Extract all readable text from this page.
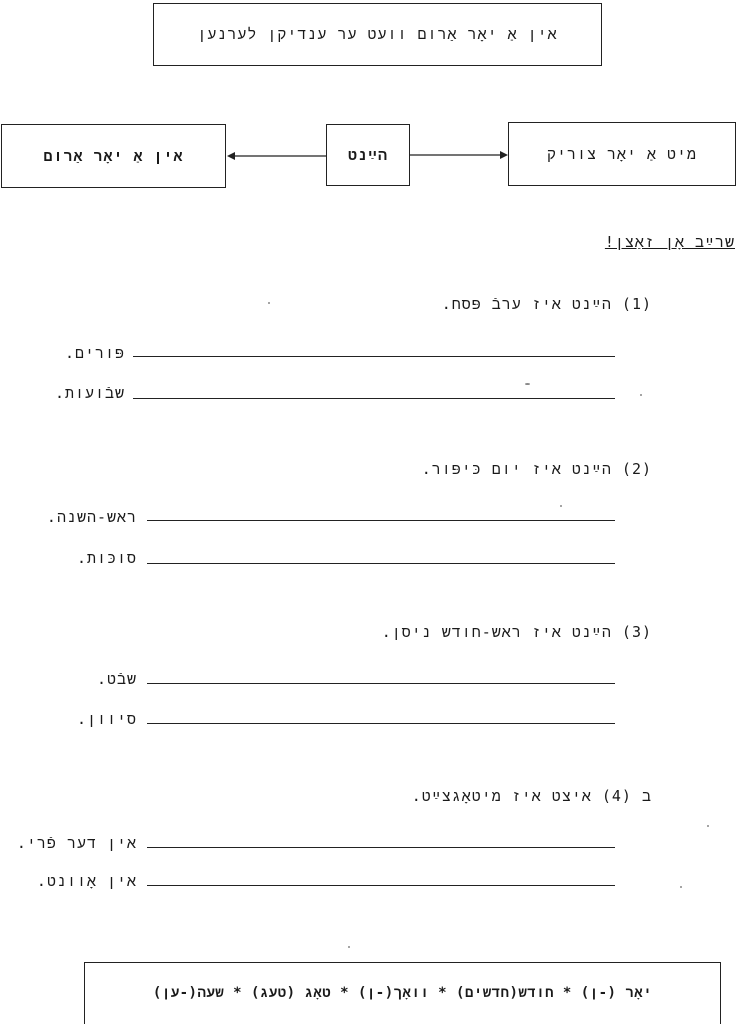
אין אַ יאָר אַרום וועט ער ענדיקן לערנען
אין אַ יאָר אַרום	הײַנט	מיט אַ יאָר צוריק
שרײַב אָן זאַצן!
(1) הײַנט איז ערבֿ פּסח.
פּורים.
שבֿועות.
(2) הײַנט איז יום כּיפּור.
ראש-השנה.
סוכּות.
(3) הײַנט איז ראש-חודש ניסן.
שבֿט.
סיוון.
ב (4) איצט איז מיטאָגצײַט.
אין דער פֿרי.
אין אָוונט.
יאָר (-ן) * חודש(חדשים) * וואָך(-ן) * טאָג (טעג) * שעה(-ען)
